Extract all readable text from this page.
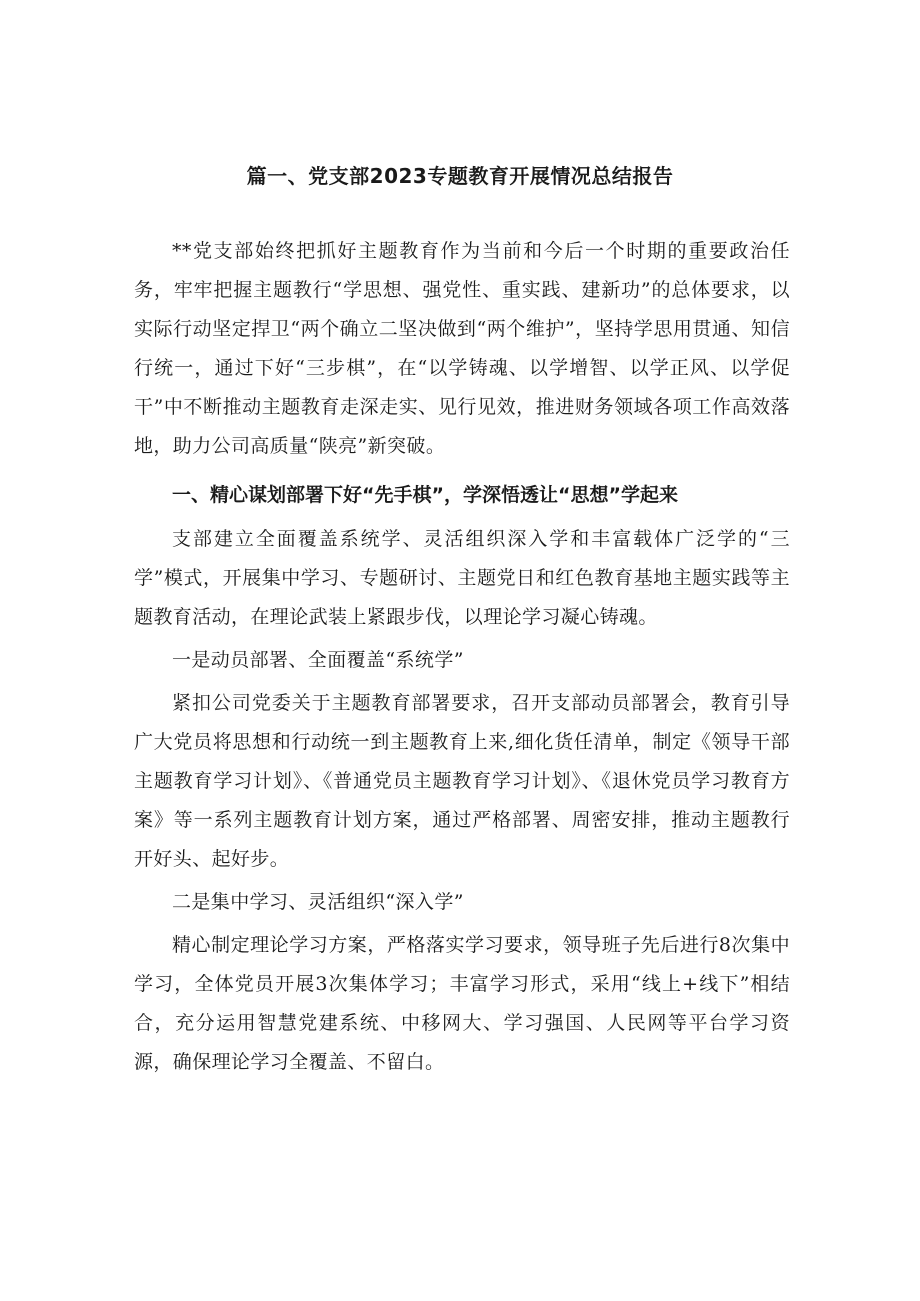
篇一、党支部2023专题教育开展情况总结报告

**党支部始终把抓好主题教育作为当前和今后一个时期的重要政治任务，牢牢把握主题教行“学思想、强党性、重实践、建新功”的总体要求，以实际行动坚定捍卫“两个确立二坚决做到“两个维护”，坚持学思用贯通、知信行统一，通过下好“三步棋”，在“以学铸魂、以学增智、以学正风、以学促干”中不断推动主题教育走深走实、见行见效，推进财务领域各项工作高效落地，助力公司高质量“陕亮”新突破。

一、精心谋划部署下好“先手棋”，学深悟透让“思想”学起来

支部建立全面覆盖系统学、灵活组织深入学和丰富载体广泛学的“三学”模式，开展集中学习、专题研讨、主题党日和红色教育基地主题实践等主题教育活动，在理论武装上紧跟步伐，以理论学习凝心铸魂。

一是动员部署、全面覆盖“系统学”

紧扣公司党委关于主题教育部署要求，召开支部动员部署会，教育引导广大党员将思想和行动统一到主题教育上来,细化货任清单，制定《领导干部主题教育学习计划》、《普通党员主题教育学习计划》、《退休党员学习教育方案》等一系列主题教育计划方案，通过严格部署、周密安排，推动主题教行开好头、起好步。

二是集中学习、灵活组织“深入学”

精心制定理论学习方案，严格落实学习要求，领导班子先后进行8次集中学习，全体党员开展3次集体学习；丰富学习形式，采用“线上+线下”相结合，充分运用智慧党建系统、中移网大、学习强国、人民网等平台学习资源，确保理论学习全覆盖、不留白。
